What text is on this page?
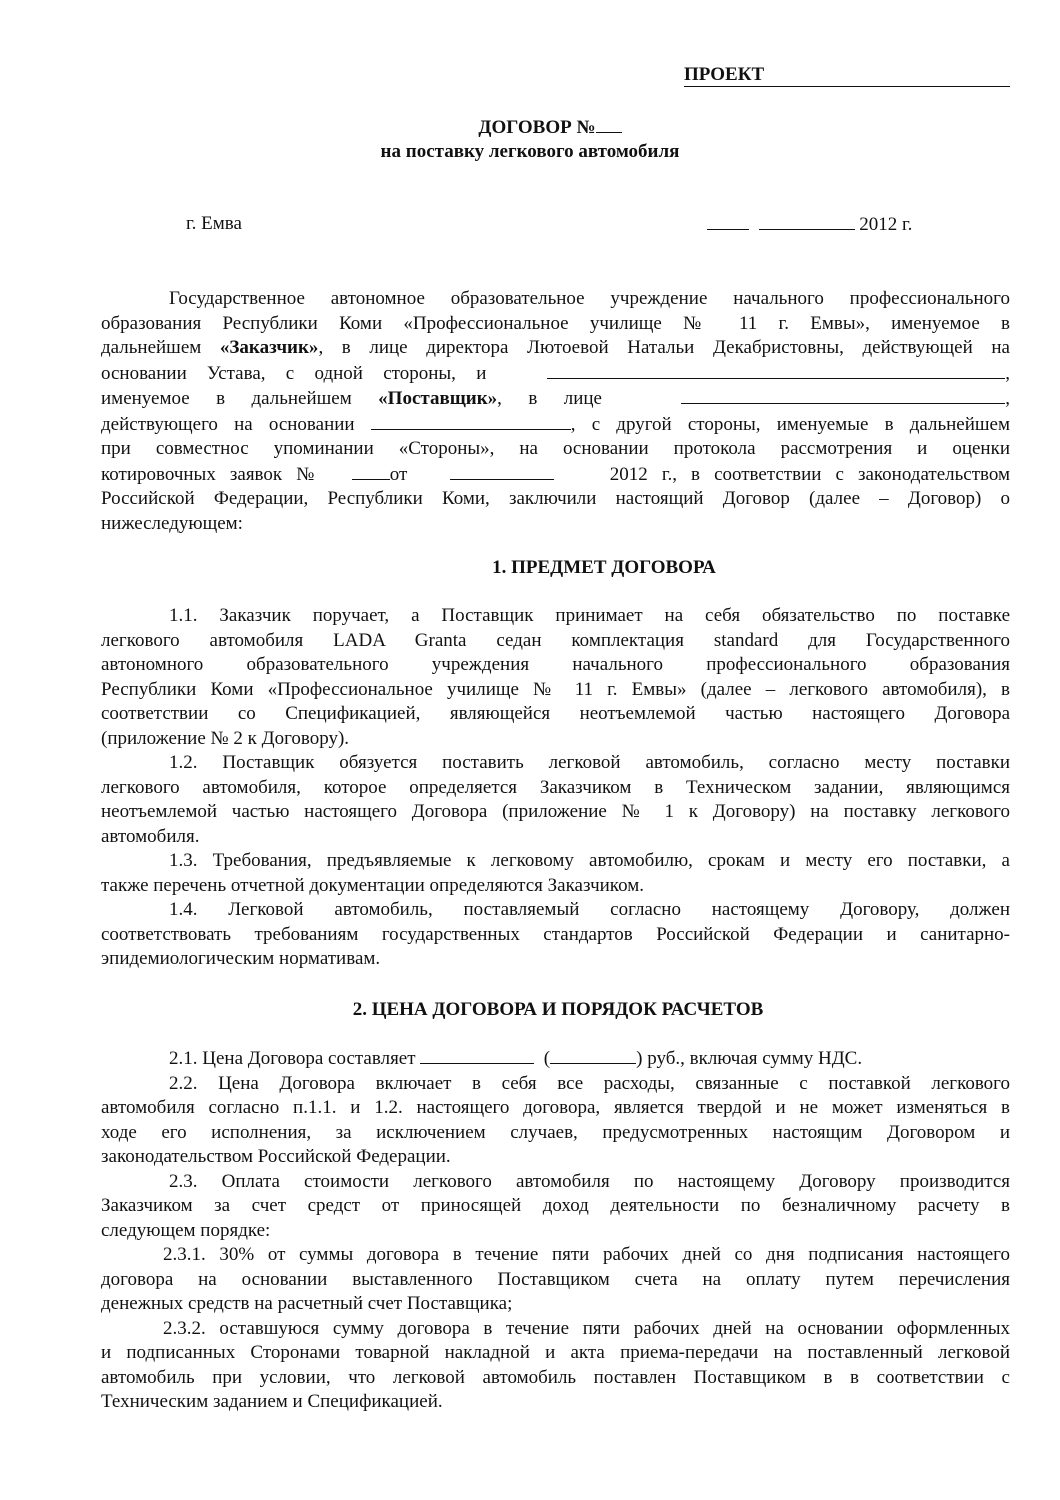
ПРОЕКТ
ДОГОВОР №
на поставку легкового автомобиля
г. Емва	2012 г.
Государственное автономное образовательное учреждение начального профессионального
образования Республики Коми «Профессиональное училище № 11 г. Емвы», именуемое в
дальнейшем «Заказчик», в лице директора Лютоевой Натальи Декабристовны, действующей на
основании Устава, с одной стороны, и	,
именуемое в дальнейшем «Поставщик», в лице	,
действующего на основании	, с другой стороны, именуемые в дальнейшем
при совместнос упоминании «Стороны», на основании протокола рассмотрения и оценки
котировочных заявок №	от	2012 г., в соответствии с законодательством
Российской Федерации, Республики Коми, заключили настоящий Договор (далее – Договор) о
нижеследующем:
1. ПРЕДМЕТ ДОГОВОРА
1.1. Заказчик поручает, а Поставщик принимает на себя обязательство по поставке
легкового автомобиля LADA Granta седан комплектация standard для Государственного
автономного образовательного учреждения начального профессионального образования
Республики Коми «Профессиональное училище № 11 г. Емвы» (далее – легкового автомобиля), в
соответствии со Спецификацией, являющейся неотъемлемой частью настоящего Договора
(приложение № 2 к Договору).
1.2. Поставщик обязуется поставить легковой автомобиль, согласно месту поставки
легкового автомобиля, которое определяется Заказчиком в Техническом задании, являющимся
неотъемлемой частью настоящего Договора (приложение № 1 к Договору) на поставку легкового
автомобиля.
1.3. Требования, предъявляемые к легковому автомобилю, срокам и месту его поставки, а
также перечень отчетной документации определяются Заказчиком.
1.4. Легковой автомобиль, поставляемый согласно настоящему Договору, должен
соответствовать требованиям государственных стандартов Российской Федерации и санитарно-
эпидемиологическим нормативам.
2. ЦЕНА ДОГОВОРА И ПОРЯДОК РАСЧЕТОВ
2.1. Цена Договора составляет	(	) руб., включая сумму НДС.
2.2. Цена Договора включает в себя все расходы, связанные с поставкой легкового
автомобиля согласно п.1.1. и 1.2. настоящего договора, является твердой и не может изменяться в
ходе его исполнения, за исключением случаев, предусмотренных настоящим Договором и
законодательством Российской Федерации.
2.3. Оплата стоимости легкового автомобиля по настоящему Договору производится
Заказчиком за счет средст от приносящей доход деятельности по безналичному расчету в
следующем порядке:
2.3.1. 30% от суммы договора в течение пяти рабочих дней со дня подписания настоящего
договора на основании выставленного Поставщиком счета на оплату путем перечисления
денежных средств на расчетный счет Поставщика;
2.3.2. оставшуюся сумму договора в течение пяти рабочих дней на основании оформленных
и подписанных Сторонами товарной накладной и акта приема-передачи на поставленный легковой
автомобиль при условии, что легковой автомобиль поставлен Поставщиком в в соответствии с
Техническим заданием и Спецификацией.
